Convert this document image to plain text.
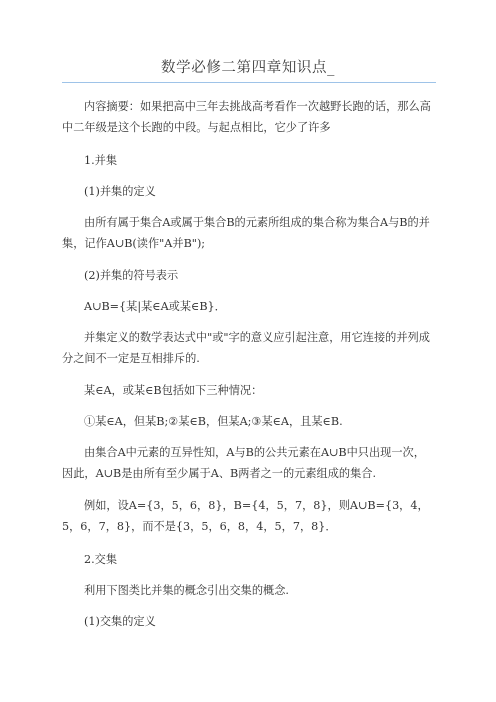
数学必修二第四章知识点_
内容摘要：如果把高中三年去挑战高考看作一次越野长跑的话，那么高中二年级是这个长跑的中段。与起点相比，它少了许多
1.并集
(1)并集的定义
由所有属于集合A或属于集合B的元素所组成的集合称为集合A与B的并集，记作A∪B(读作"A并B");
(2)并集的符号表示
A∪B={某|某∈A或某∈B}．
并集定义的数学表达式中"或"字的意义应引起注意，用它连接的并列成分之间不一定是互相排斥的.
某∈A，或某∈B包括如下三种情况：
①某∈A，但某B;②某∈B，但某A;③某∈A，且某∈B.
由集合A中元素的互异性知，A与B的公共元素在A∪B中只出现一次，因此，A∪B是由所有至少属于A、B两者之一的元素组成的集合.
例如，设A={3，5，6，8}，B={4，5，7，8}，则A∪B={3，4，5，6，7，8}，而不是{3，5，6，8，4，5，7，8}．
2.交集
利用下图类比并集的概念引出交集的概念.
(1)交集的定义
